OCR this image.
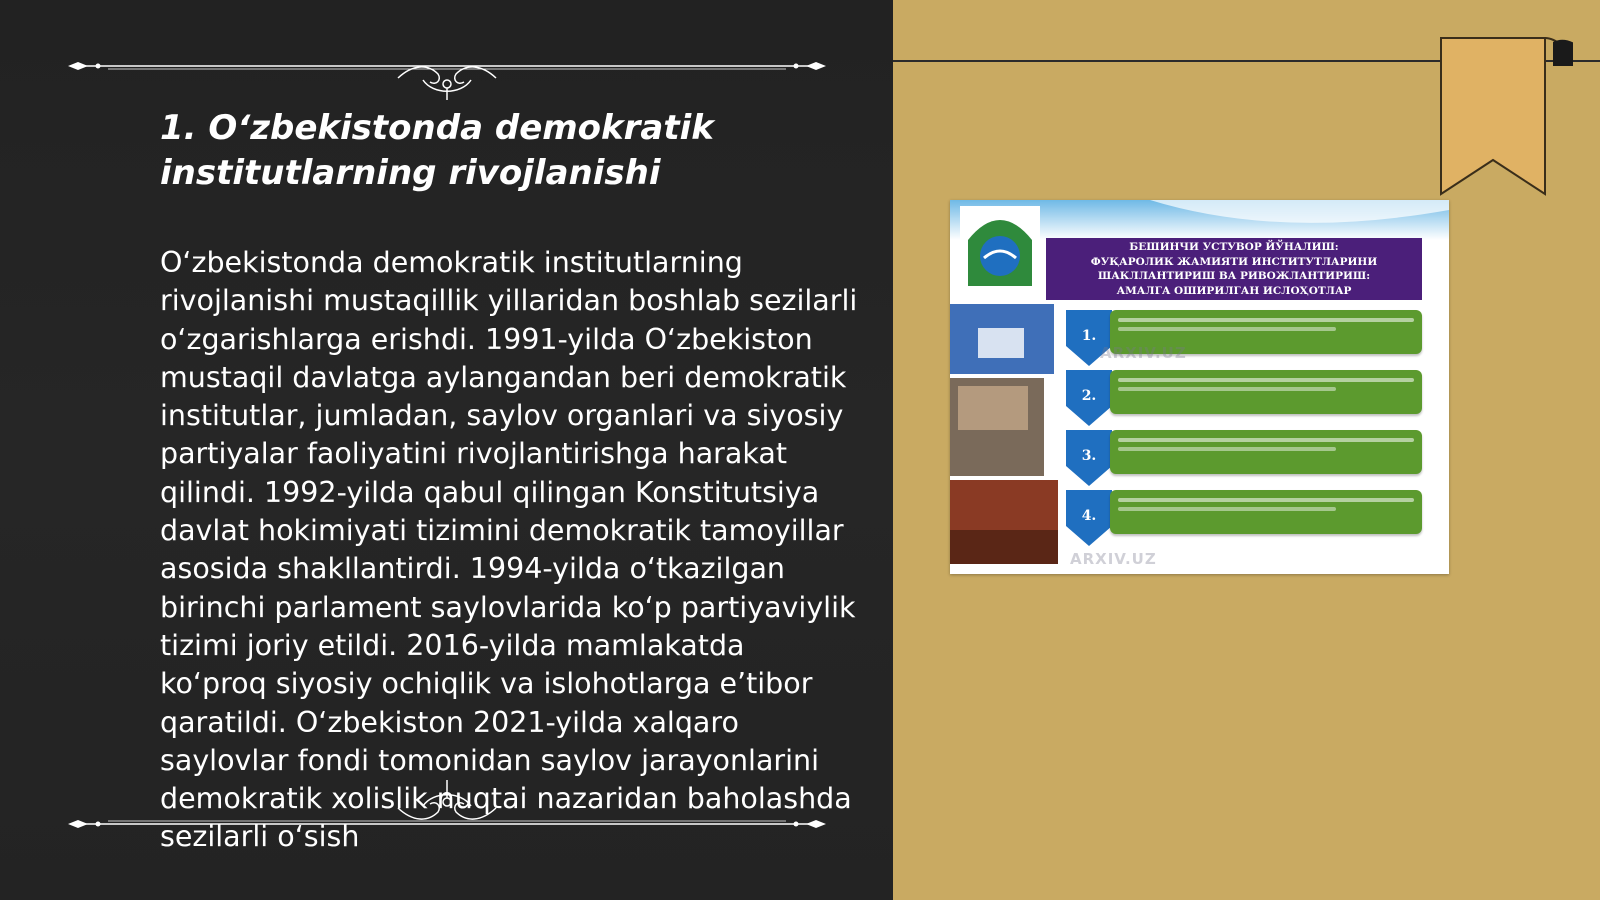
1. O‘zbekistonda demokratik institutlarning rivojlanishi

O‘zbekistonda demokratik institutlarning rivojlanishi mustaqillik yillaridan boshlab sezilarli o‘zgarishlarga erishdi. 1991-yilda O‘zbekiston mustaqil davlatga aylangandan beri demokratik institutlar, jumladan, saylov organlari va siyosiy partiyalar faoliyatini rivojlantirishga harakat qilindi. 1992-yilda qabul qilingan Konstitutsiya davlat hokimiyati tizimini demokratik tamoyillar asosida shakllantirdi. 1994-yilda o‘tkazilgan birinchi parlament saylovlarida ko‘p partiyaviylik tizimi joriy etildi. 2016-yilda mamlakatda ko‘proq siyosiy ochiqlik va islohotlarga e’tibor qaratildi. O‘zbekiston 2021-yilda xalqaro saylovlar fondi tomonidan saylov jarayonlarini demokratik xolislik nuqtai nazaridan baholashda sezilarli o‘sish

БЕШИНЧИ УСТУВОР ЙЎНАЛИШ:
ФУҚАРОЛИК ЖАМИЯТИ ИНСТИТУТЛАРИНИ
ШАКЛЛАНТИРИШ ВА РИВОЖЛАНТИРИШ:
АМАЛГА ОШИРИЛГАН ИСЛОҲОТЛАР
1.
2.
3.
4.
ARXIV.UZ
ARXIV.UZ
